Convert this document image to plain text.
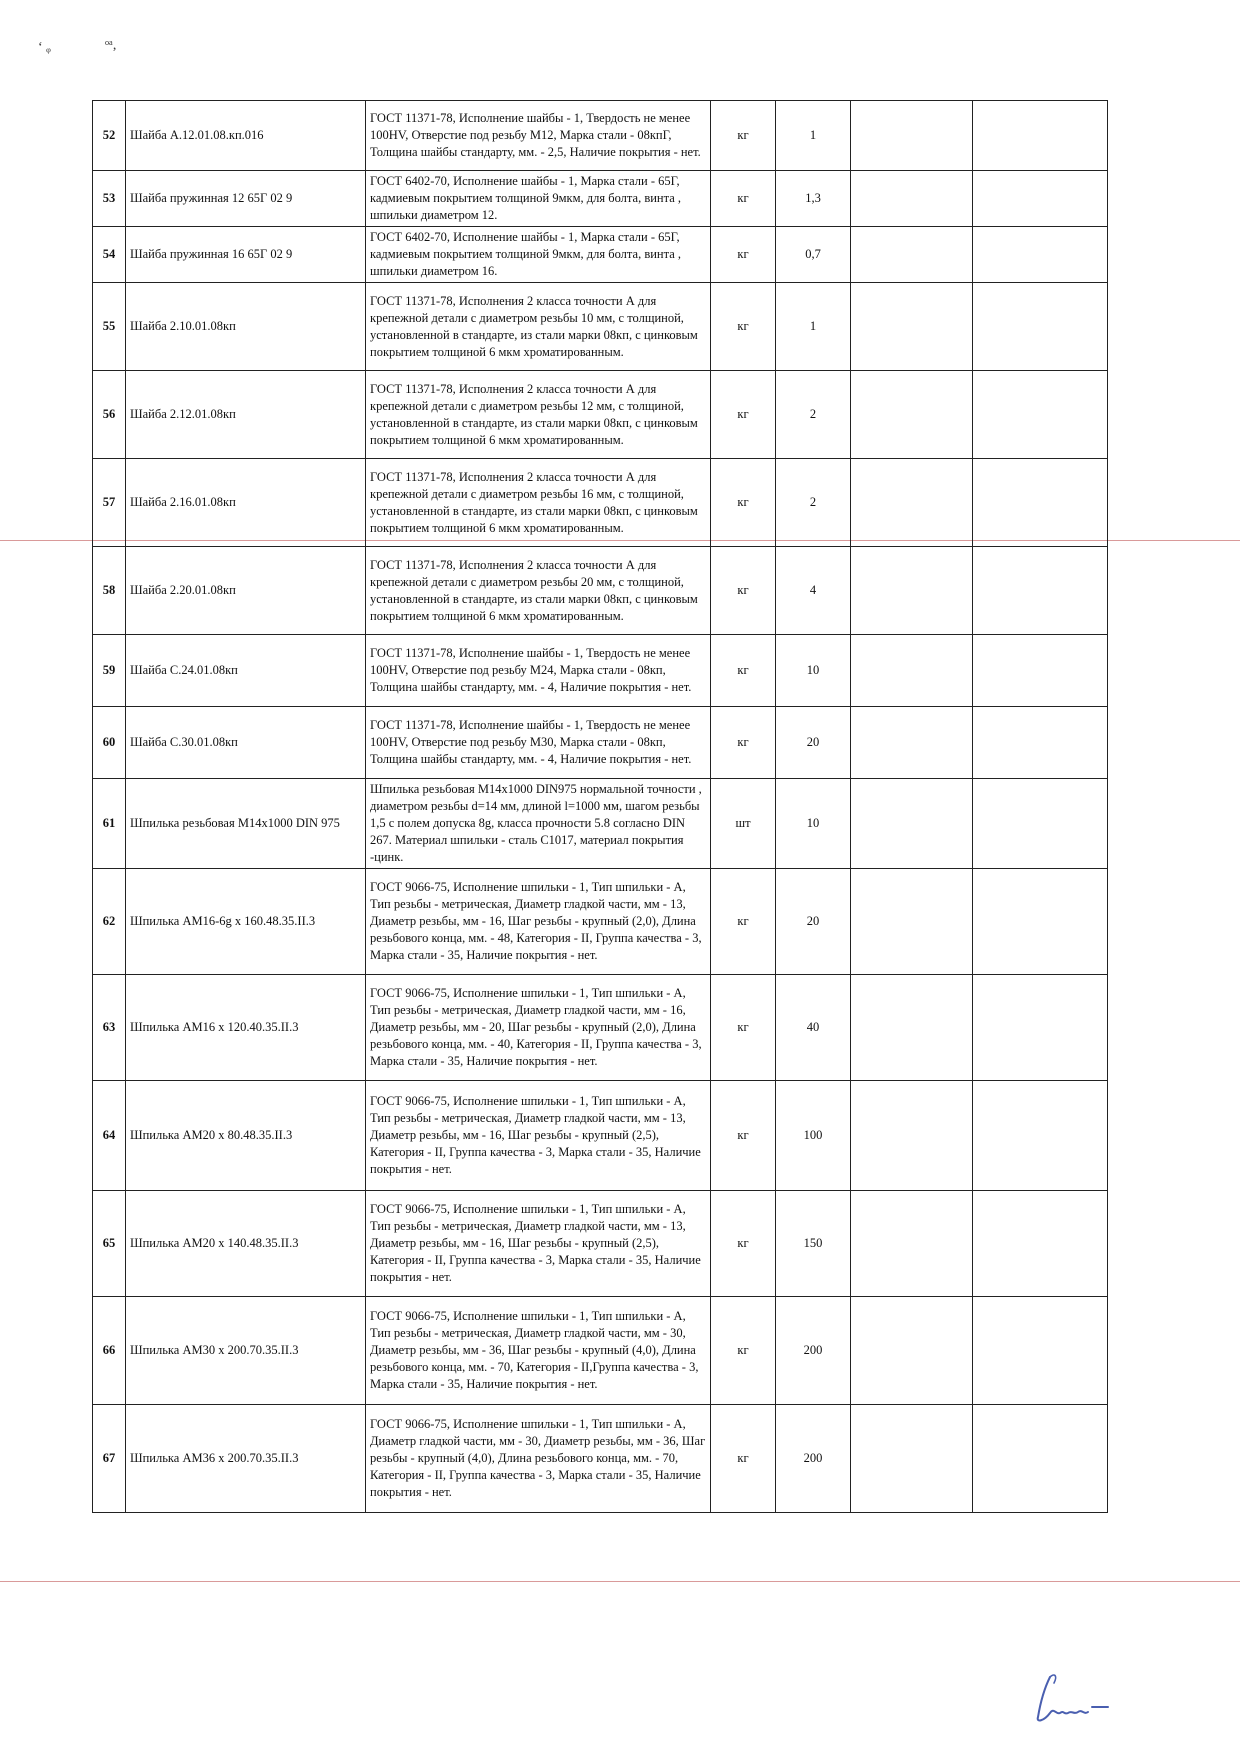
ʻ ᵩ	ᵒᵃ,
52	Шайба А.12.01.08.кп.016	ГОСТ 11371-78, Исполнение шайбы - 1, Твердость не менее 100HV, Отверстие под резьбу М12, Марка стали - 08кпГ, Толщина шайбы стандарту, мм. - 2,5, Наличие покрытия - нет.	кг	1		
53	Шайба пружинная 12 65Г 02 9	ГОСТ 6402-70, Исполнение шайбы - 1, Марка стали - 65Г, кадмиевым покрытием толщиной 9мкм, для болта, винта , шпильки диаметром 12.	кг	1,3		
54	Шайба пружинная 16 65Г 02 9	ГОСТ 6402-70, Исполнение шайбы - 1, Марка стали - 65Г, кадмиевым покрытием толщиной 9мкм, для болта, винта , шпильки диаметром 16.	кг	0,7		
55	Шайба 2.10.01.08кп	ГОСТ 11371-78, Исполнения 2 класса точности А для крепежной детали с диаметром резьбы 10 мм, с толщиной, установленной в стандарте, из стали марки 08кп, с цинковым покрытием толщиной 6 мкм хроматированным.	кг	1		
56	Шайба 2.12.01.08кп	ГОСТ 11371-78, Исполнения 2 класса точности А для крепежной детали с диаметром резьбы 12 мм, с толщиной, установленной в стандарте, из стали марки 08кп, с цинковым покрытием толщиной 6 мкм хроматированным.	кг	2		
57	Шайба 2.16.01.08кп	ГОСТ 11371-78, Исполнения 2 класса точности А для крепежной детали с диаметром резьбы 16 мм, с толщиной, установленной в стандарте, из стали марки 08кп, с цинковым покрытием толщиной 6 мкм хроматированным.	кг	2		
58	Шайба 2.20.01.08кп	ГОСТ 11371-78, Исполнения 2 класса точности А для крепежной детали с диаметром резьбы 20 мм, с толщиной, установленной в стандарте, из стали марки 08кп, с цинковым покрытием толщиной 6 мкм хроматированным.	кг	4		
59	Шайба С.24.01.08кп	ГОСТ 11371-78, Исполнение шайбы - 1, Твердость не менее 100HV, Отверстие под резьбу М24, Марка стали - 08кп, Толщина шайбы стандарту, мм. - 4, Наличие покрытия - нет.	кг	10		
60	Шайба С.30.01.08кп	ГОСТ 11371-78, Исполнение шайбы - 1, Твердость не менее 100HV, Отверстие под резьбу М30, Марка стали - 08кп, Толщина шайбы стандарту, мм. - 4, Наличие покрытия - нет.	кг	20		
61	Шпилька резьбовая M14x1000 DIN 975	Шпилька резьбовая M14x1000 DIN975 нормальной точности , диаметром резьбы d=14 мм, длиной l=1000 мм, шагом резьбы 1,5 с полем допуска 8g, класса прочности 5.8 согласно DIN 267. Материал шпильки - сталь C1017, материал покрытия -цинк.	шт	10		
62	Шпилька АМ16-6g x 160.48.35.II.3	ГОСТ 9066-75, Исполнение шпильки - 1, Тип шпильки - А, Тип резьбы - метрическая, Диаметр гладкой части, мм - 13, Диаметр резьбы, мм - 16, Шаг резьбы - крупный (2,0), Длина резьбового конца, мм. - 48, Категория - II, Группа качества - 3, Марка стали - 35, Наличие покрытия - нет.	кг	20		
63	Шпилька АМ16 x 120.40.35.II.3	ГОСТ 9066-75, Исполнение шпильки - 1, Тип шпильки - А, Тип резьбы - метрическая, Диаметр гладкой части, мм - 16, Диаметр резьбы, мм - 20, Шаг резьбы - крупный (2,0), Длина резьбового конца, мм. - 40, Категория - II, Группа качества - 3, Марка стали - 35, Наличие покрытия - нет.	кг	40		
64	Шпилька АМ20 x 80.48.35.II.3	ГОСТ 9066-75, Исполнение шпильки - 1, Тип шпильки - А, Тип резьбы - метрическая, Диаметр гладкой части, мм - 13, Диаметр резьбы, мм - 16, Шаг резьбы - крупный (2,5), Категория - II, Группа качества - 3, Марка стали - 35, Наличие покрытия - нет.	кг	100		
65	Шпилька АМ20 x 140.48.35.II.3	ГОСТ 9066-75, Исполнение шпильки - 1, Тип шпильки - А, Тип резьбы - метрическая, Диаметр гладкой части, мм - 13, Диаметр резьбы, мм - 16, Шаг резьбы - крупный (2,5), Категория - II, Группа качества - 3, Марка стали - 35, Наличие покрытия - нет.	кг	150		
66	Шпилька АМ30 x 200.70.35.II.3	ГОСТ 9066-75, Исполнение шпильки - 1, Тип шпильки - А, Тип резьбы - метрическая, Диаметр гладкой части, мм - 30, Диаметр резьбы, мм - 36, Шаг резьбы - крупный (4,0), Длина резьбового конца, мм. - 70, Категория - II,Группа качества - 3, Марка стали - 35, Наличие покрытия - нет.	кг	200		
67	Шпилька АМ36 x 200.70.35.II.3	ГОСТ 9066-75, Исполнение шпильки - 1, Тип шпильки - А, Диаметр гладкой части, мм - 30, Диаметр резьбы, мм - 36, Шаг резьбы - крупный (4,0), Длина резьбового конца, мм. - 70, Категория - II, Группа качества - 3, Марка стали - 35, Наличие покрытия - нет.	кг	200		
